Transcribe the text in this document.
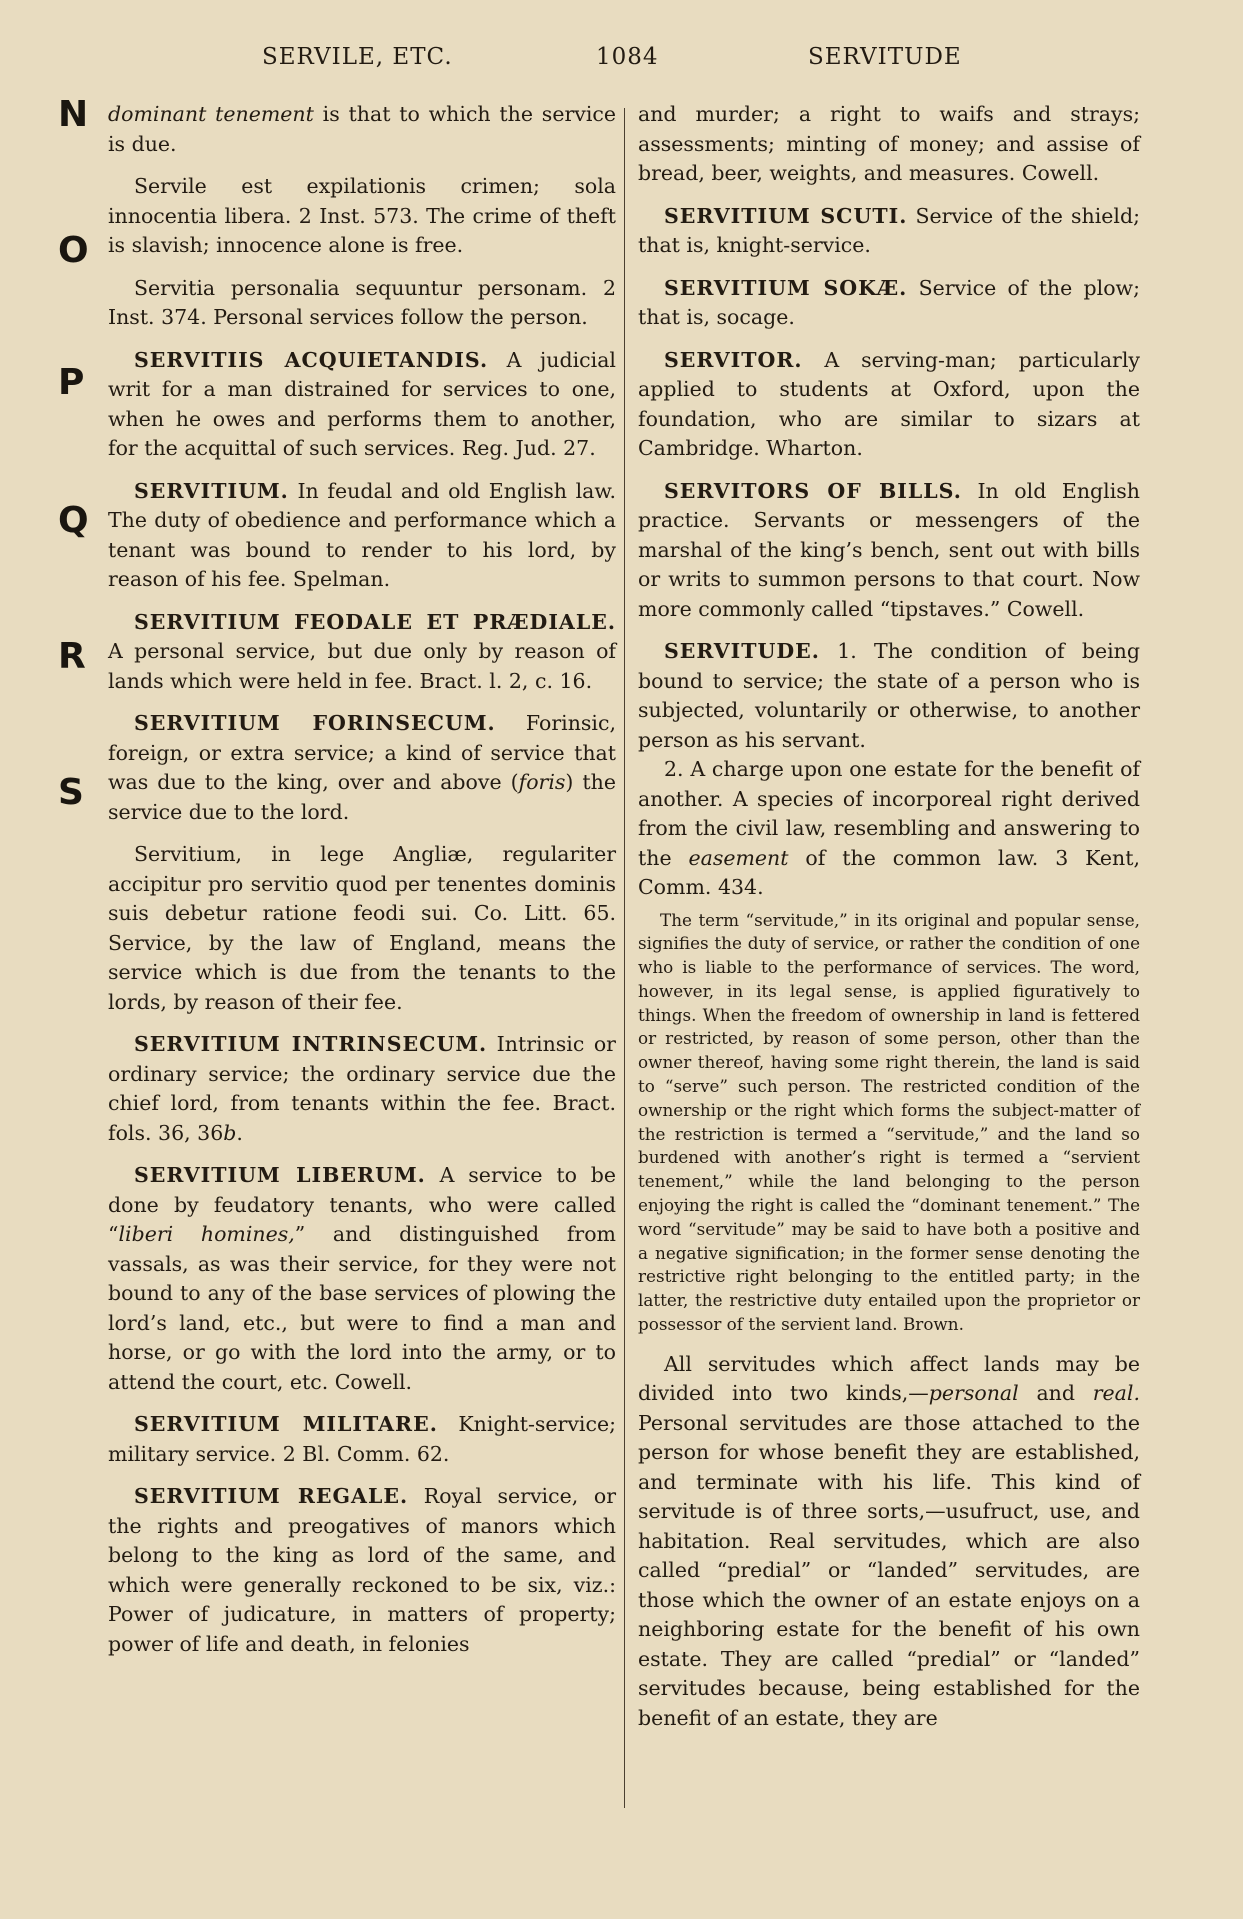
SERVILE, ETC.	1084	SERVITUDE
N
O
P
Q
R
S

dominant tenement is that to which the service is due.

Servile est expilationis crimen; sola innocentia libera. 2 Inst. 573. The crime of theft is slavish; innocence alone is free.

Servitia personalia sequuntur personam. 2 Inst. 374. Personal services follow the person.

SERVITIIS ACQUIETANDIS. A judicial writ for a man distrained for services to one, when he owes and performs them to another, for the acquittal of such services. Reg. Jud. 27.

SERVITIUM. In feudal and old English law. The duty of obedience and performance which a tenant was bound to render to his lord, by reason of his fee. Spelman.

SERVITIUM FEODALE ET PRÆDIALE. A personal service, but due only by reason of lands which were held in fee. Bract. l. 2, c. 16.

SERVITIUM FORINSECUM. Forinsic, foreign, or extra service; a kind of service that was due to the king, over and above (foris) the service due to the lord.

Servitium, in lege Angliæ, regulariter accipitur pro servitio quod per tenentes dominis suis debetur ratione feodi sui. Co. Litt. 65. Service, by the law of England, means the service which is due from the tenants to the lords, by reason of their fee.

SERVITIUM INTRINSECUM. Intrinsic or ordinary service; the ordinary service due the chief lord, from tenants within the fee. Bract. fols. 36, 36b.

SERVITIUM LIBERUM. A service to be done by feudatory tenants, who were called “liberi homines,” and distinguished from vassals, as was their service, for they were not bound to any of the base services of plowing the lord’s land, etc., but were to find a man and horse, or go with the lord into the army, or to attend the court, etc. Cowell.

SERVITIUM MILITARE. Knight-service; military service. 2 Bl. Comm. 62.

SERVITIUM REGALE. Royal service, or the rights and preogatives of manors which belong to the king as lord of the same, and which were generally reckoned to be six, viz.: Power of judicature, in matters of property; power of life and death, in felonies

and murder; a right to waifs and strays; assessments; minting of money; and assise of bread, beer, weights, and measures. Cowell.

SERVITIUM SCUTI. Service of the shield; that is, knight-service.

SERVITIUM SOKÆ. Service of the plow; that is, socage.

SERVITOR. A serving-man; particularly applied to students at Oxford, upon the foundation, who are similar to sizars at Cambridge. Wharton.

SERVITORS OF BILLS. In old English practice. Servants or messengers of the marshal of the king’s bench, sent out with bills or writs to summon persons to that court. Now more commonly called “tipstaves.” Cowell.

SERVITUDE. 1. The condition of being bound to service; the state of a person who is subjected, voluntarily or otherwise, to another person as his servant.

2. A charge upon one estate for the benefit of another. A species of incorporeal right derived from the civil law, resembling and answering to the easement of the common law. 3 Kent, Comm. 434.

The term “servitude,” in its original and popular sense, signifies the duty of service, or rather the condition of one who is liable to the performance of services. The word, however, in its legal sense, is applied figuratively to things. When the freedom of ownership in land is fettered or restricted, by reason of some person, other than the owner thereof, having some right therein, the land is said to “serve” such person. The restricted condition of the ownership or the right which forms the subject-matter of the restriction is termed a “servitude,” and the land so burdened with another’s right is termed a “servient tenement,” while the land belonging to the person enjoying the right is called the “dominant tenement.” The word “servitude” may be said to have both a positive and a negative signification; in the former sense denoting the restrictive right belonging to the entitled party; in the latter, the restrictive duty entailed upon the proprietor or possessor of the servient land. Brown.

All servitudes which affect lands may be divided into two kinds,—personal and real. Personal servitudes are those attached to the person for whose benefit they are established, and terminate with his life. This kind of servitude is of three sorts,—usufruct, use, and habitation. Real servitudes, which are also called “predial” or “landed” servitudes, are those which the owner of an estate enjoys on a neighboring estate for the benefit of his own estate. They are called “predial” or “landed” servitudes because, being established for the benefit of an estate, they are
